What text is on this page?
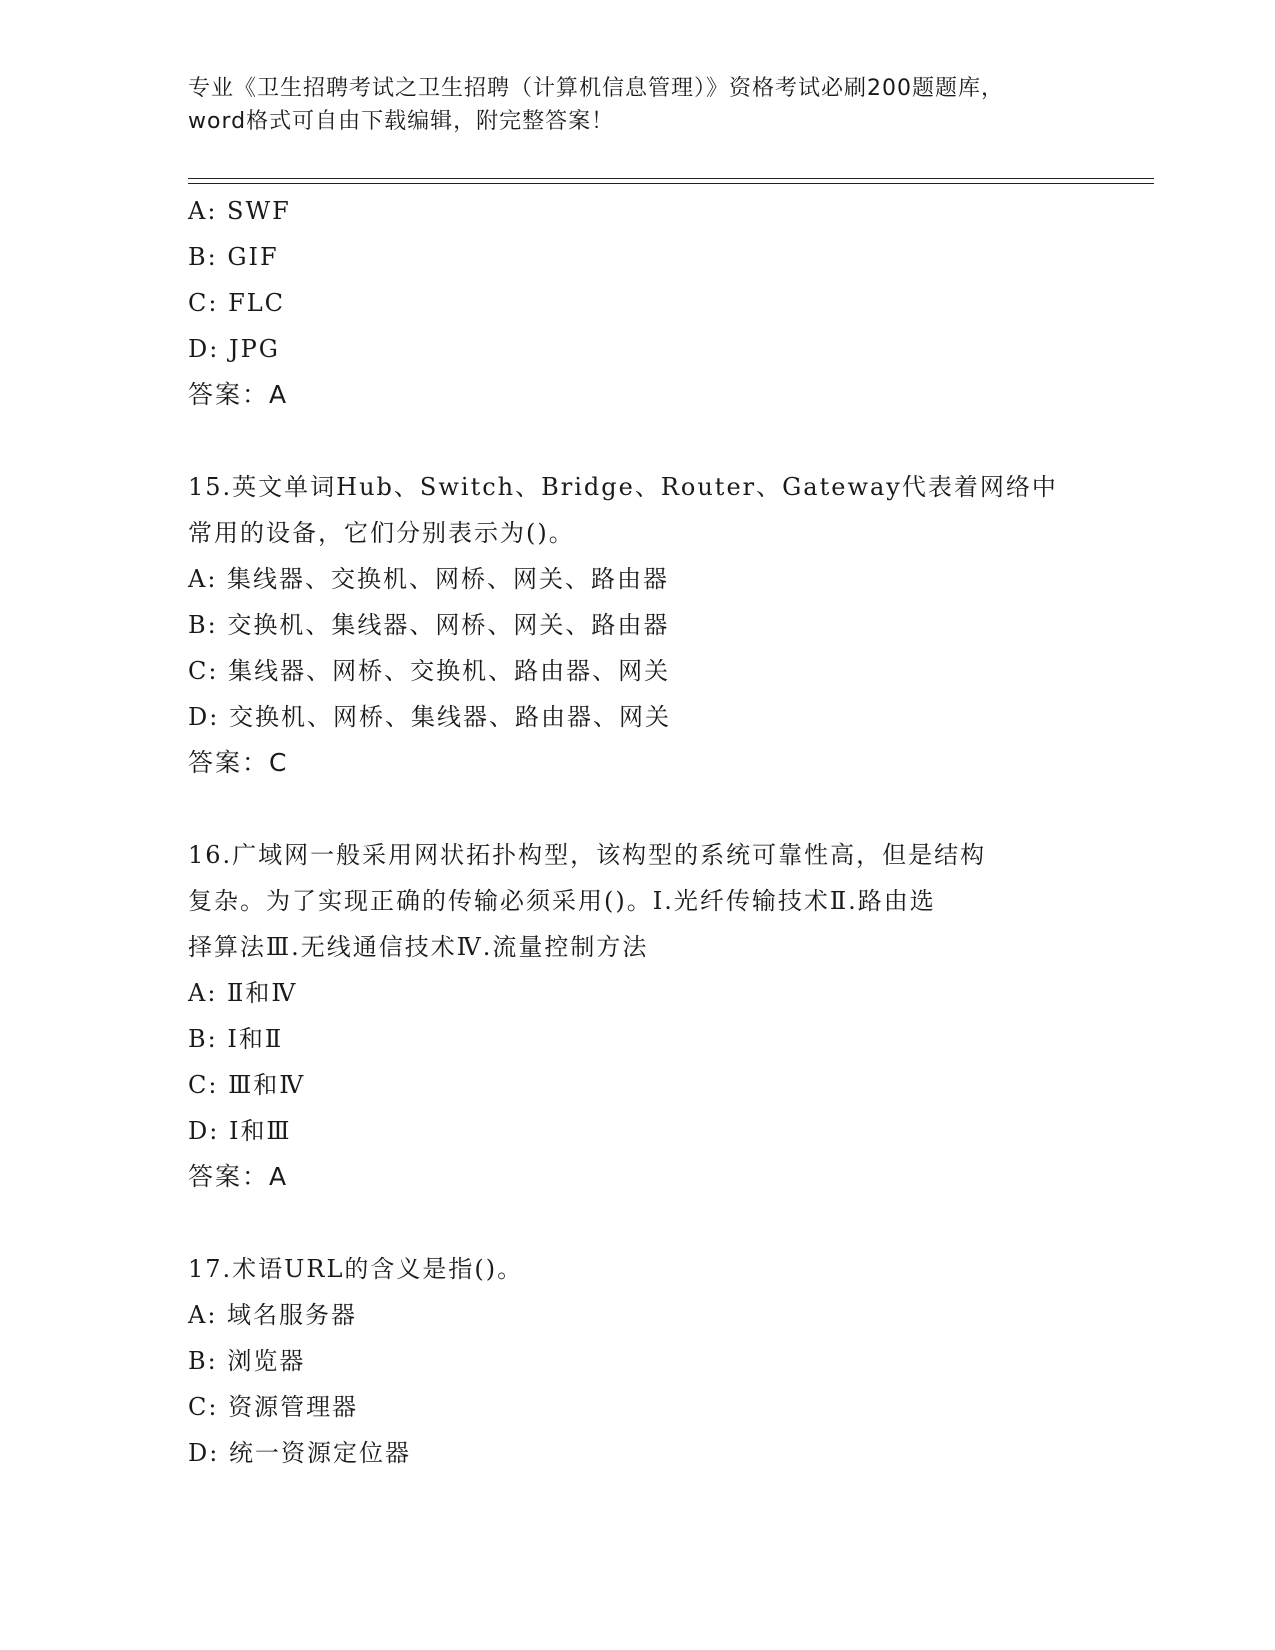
专业《卫生招聘考试之卫生招聘（计算机信息管理）》资格考试必刷200题题库，
word格式可自由下载编辑，附完整答案！
A: SWF
B: GIF
C: FLC
D: JPG
答案：A
15.英文单词Hub、Switch、Bridge、Router、Gateway代表着网络中
常用的设备，它们分别表示为()。
A: 集线器、交换机、网桥、网关、路由器
B: 交换机、集线器、网桥、网关、路由器
C: 集线器、网桥、交换机、路由器、网关
D: 交换机、网桥、集线器、路由器、网关
答案：C
16.广域网一般采用网状拓扑构型，该构型的系统可靠性高，但是结构
复杂。为了实现正确的传输必须采用()。Ⅰ.光纤传输技术Ⅱ.路由选
择算法Ⅲ.无线通信技术Ⅳ.流量控制方法
A: Ⅱ和Ⅳ
B: Ⅰ和Ⅱ
C: Ⅲ和Ⅳ
D: Ⅰ和Ⅲ
答案：A
17.术语URL的含义是指()。
A: 域名服务器
B: 浏览器
C: 资源管理器
D: 统一资源定位器
